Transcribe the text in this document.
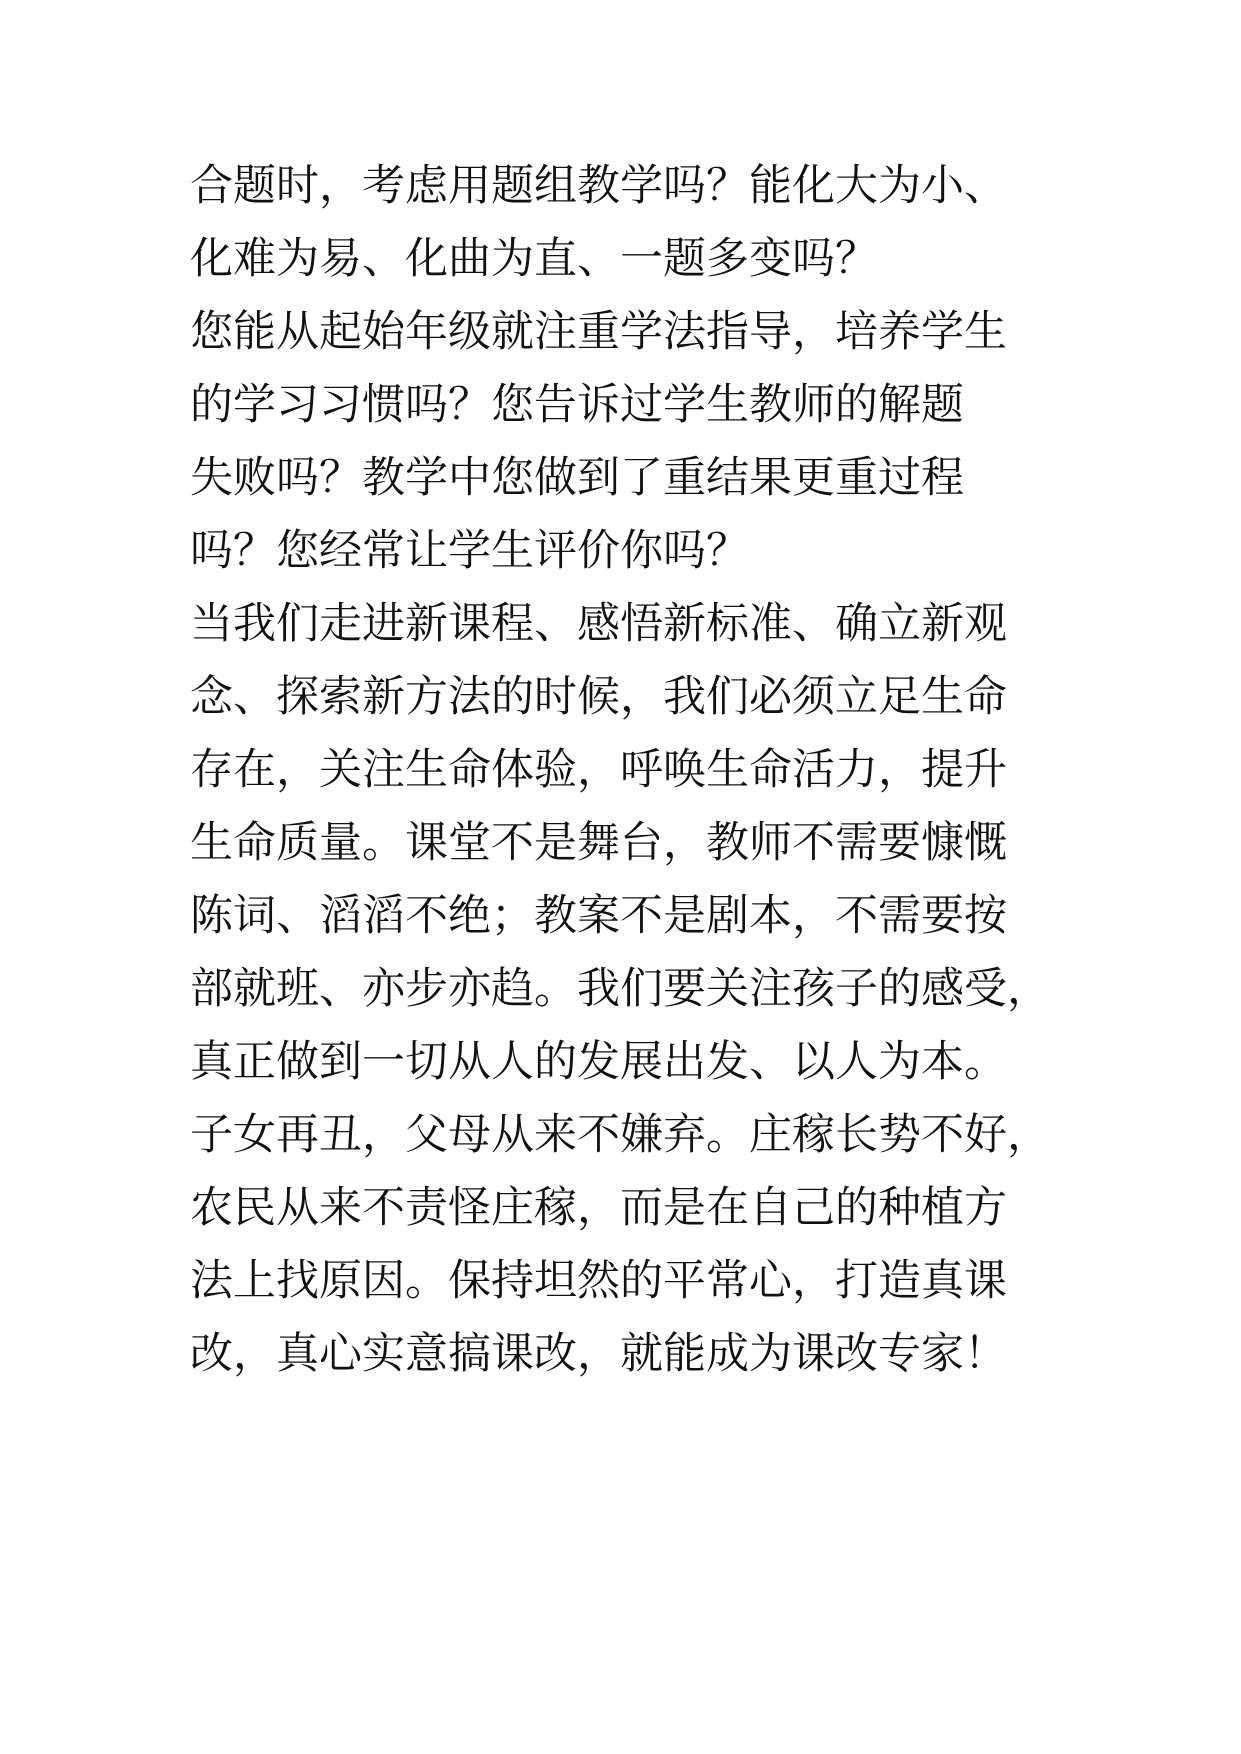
合题时，考虑用题组教学吗？能化大为小、
化难为易、化曲为直、一题多变吗？
您能从起始年级就注重学法指导，培养学生
的学习习惯吗？您告诉过学生教师的解题
失败吗？教学中您做到了重结果更重过程
吗？您经常让学生评价你吗？
当我们走进新课程、感悟新标准、确立新观
念、探索新方法的时候，我们必须立足生命
存在，关注生命体验，呼唤生命活力，提升
生命质量。课堂不是舞台，教师不需要慷慨
陈词、滔滔不绝；教案不是剧本，不需要按
部就班、亦步亦趋。我们要关注孩子的感受，
真正做到一切从人的发展出发、以人为本。
子女再丑，父母从来不嫌弃。庄稼长势不好，
农民从来不责怪庄稼，而是在自己的种植方
法上找原因。保持坦然的平常心，打造真课
改，真心实意搞课改，就能成为课改专家！
